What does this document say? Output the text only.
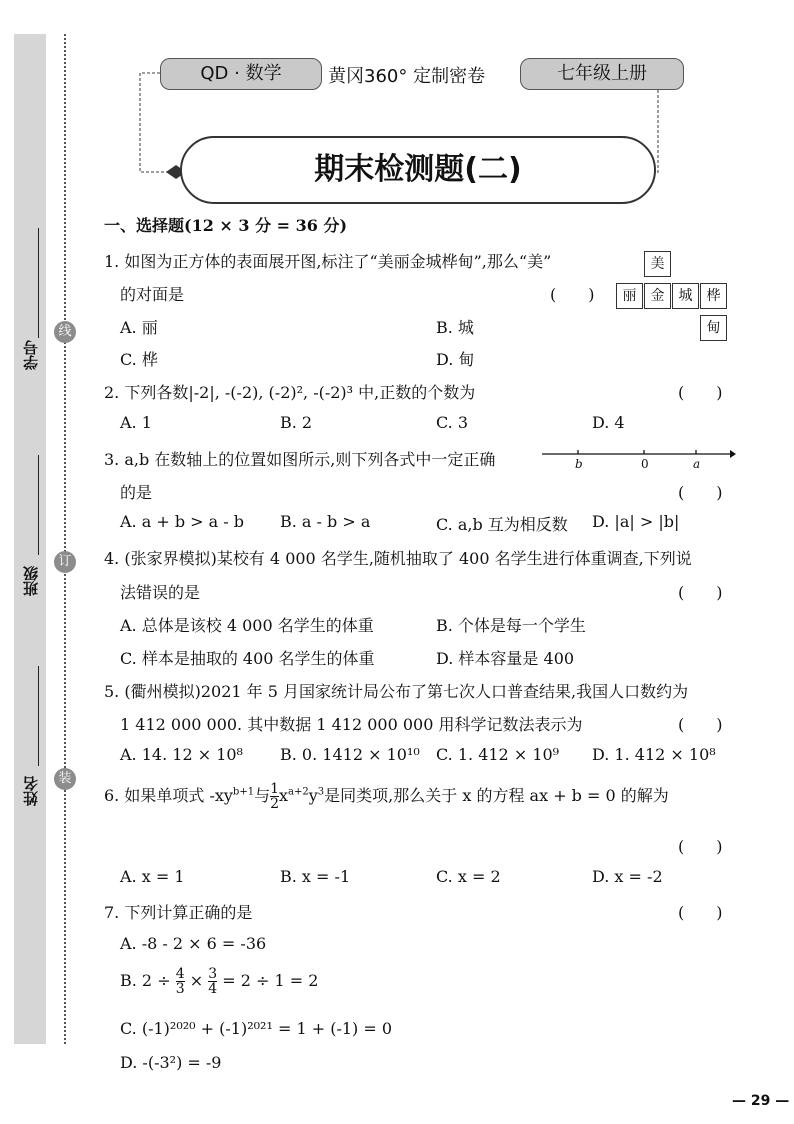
线
订
装
学号
班级
姓名
QD · 数学	黄冈360° 定制密卷	七年级上册
期末检测题(二)
一、选择题(12 × 3 分 = 36 分)
1. 如图为正方体的表面展开图,标注了“美丽金城桦甸”,那么“美”
的对面是	(　　)
A. 丽	B. 城
C. 桦	D. 甸
美
丽	金	城	桦
甸
2. 下列各数|-2|, -(-2), (-2)², -(-2)³ 中,正数的个数为	(　　)
A. 1	B. 2	C. 3	D. 4
3. a,b 在数轴上的位置如图所示,则下列各式中一定正确
的是	(　　)
b	0	a
A. a + b > a - b B. a - b > a	C. a,b 互为相反数 D. |a| > |b|
4. (张家界模拟)某校有 4 000 名学生,随机抽取了 400 名学生进行体重调查,下列说
法错误的是	(　　)
A. 总体是该校 4 000 名学生的体重	B. 个体是每一个学生
C. 样本是抽取的 400 名学生的体重	D. 样本容量是 400
5. (衢州模拟)2021 年 5 月国家统计局公布了第七次人口普查结果,我国人口数约为
1 412 000 000. 其中数据 1 412 000 000 用科学记数法表示为	(　　)
A. 14. 12 × 10⁸ B. 0. 1412 × 10¹⁰ C. 1. 412 × 10⁹ D. 1. 412 × 10⁸
6. 如果单项式 $-xy^{b+1}$与 $\frac{1}{2} x^{a+2}y^3$是同类项,那么关于 x 的方程 ax + b = 0 的解为
(　　)
A. x = 1	B. x = -1	C. x = 2	D. x = -2
7. 下列计算正确的是	(　　)
A. -8 - 2 × 6 = -36
B. $2 \div \frac{4}{3} \times \frac{3}{4} = 2 \div 1 = 2$
C. (-1)²⁰²⁰ + (-1)²⁰²¹ = 1 + (-1) = 0
D. -(-3²) = -9
— 29 —
